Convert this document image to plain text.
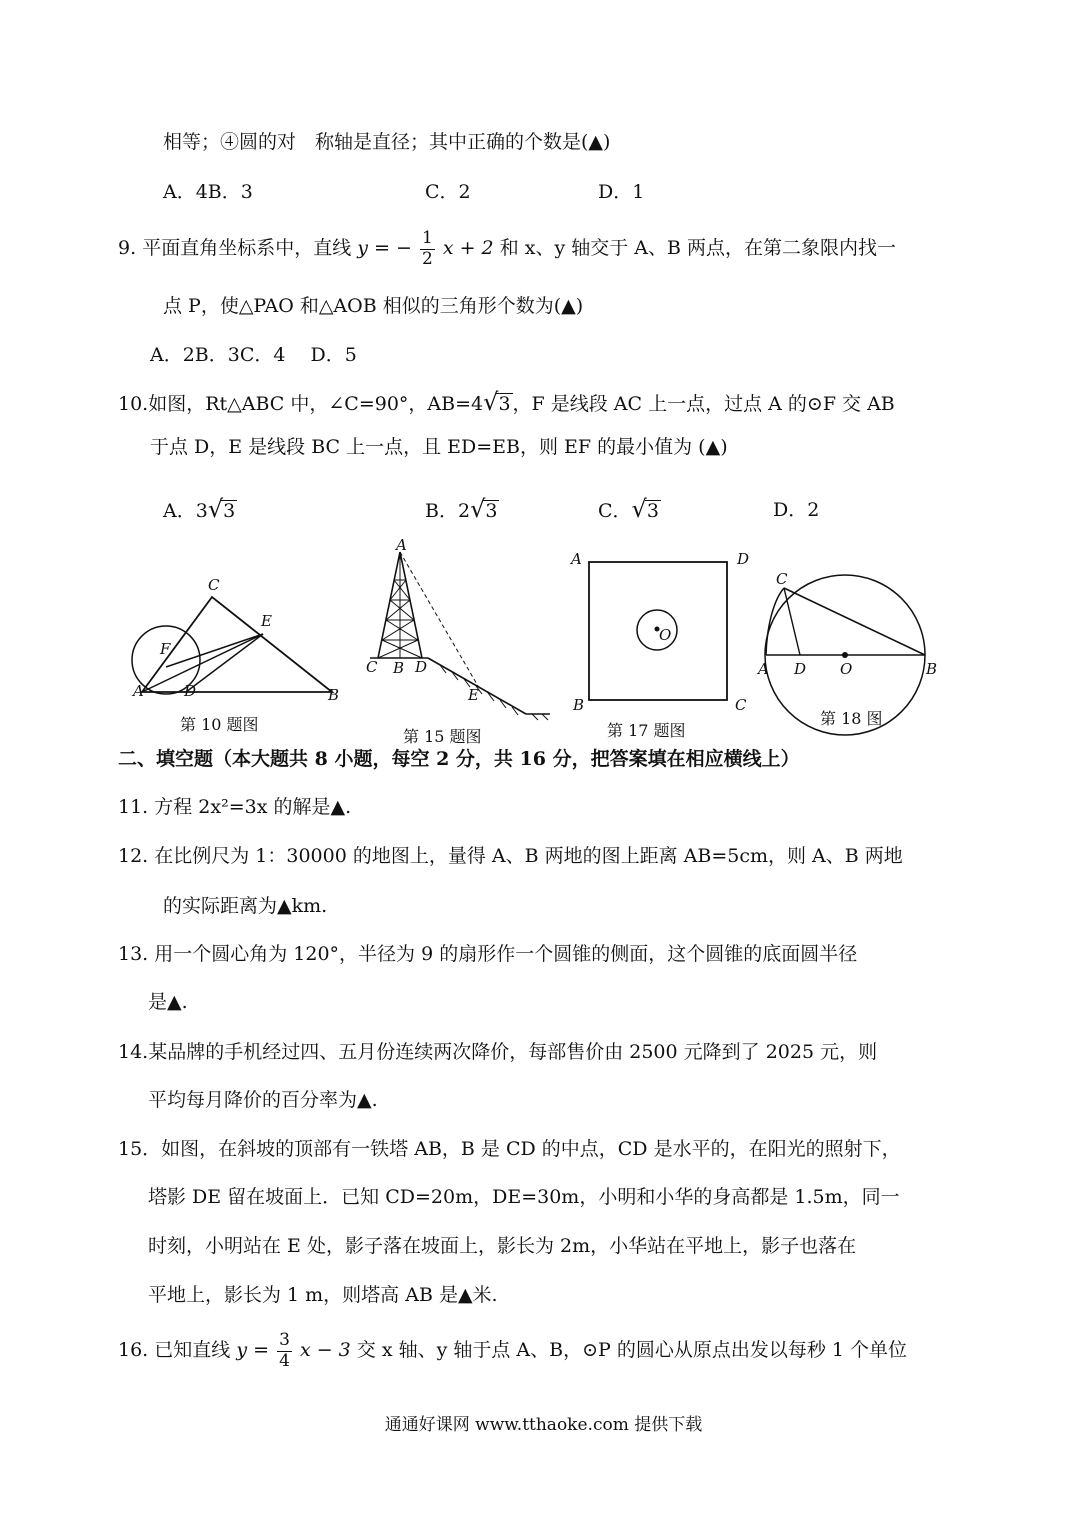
相等；④圆的对　称轴是直径；其中正确的个数是(▲)
A．4B．3	C．2	D．1
9. 平面直角坐标系中，直线 y = − $\frac{1}{2}$ x + 2 和 x、y 轴交于 A、B 两点，在第二象限内找一
点 P，使△PAO 和△AOB 相似的三角形个数为(▲)
A．2B．3C．4　 D．5
10.如图，Rt△ABC 中，∠C=90°，AB=4√3 ，F 是线段 AC 上一点，过点 A 的⊙F 交 AB
于点 D，E 是线段 BC 上一点，且 ED=EB，则 EF 的最小值为 (▲)
A．3√3	B．2√3	C．√3	D．2
C
E
F
A	D	B
第 10 题图
A
C B D
E
第 15 题图
A	D
O
B	C
第 17 题图
C
A D O	B
第 18 图
二、填空题（本大题共 8 小题，每空 2 分，共 16 分，把答案填在相应横线上）
11. 方程 2x²=3x 的解是▲.
12. 在比例尺为 1：30000 的地图上，量得 A、B 两地的图上距离 AB=5cm，则 A、B 两地
的实际距离为▲km.
13. 用一个圆心角为 120°，半径为 9 的扇形作一个圆锥的侧面，这个圆锥的底面圆半径
是▲.
14.某品牌的手机经过四、五月份连续两次降价，每部售价由 2500 元降到了 2025 元，则
平均每月降价的百分率为▲.
15．如图，在斜坡的顶部有一铁塔 AB，B 是 CD 的中点，CD 是水平的，在阳光的照射下，
塔影 DE 留在坡面上．已知 CD=20m，DE=30m，小明和小华的身高都是 1.5m，同一
时刻，小明站在 E 处，影子落在坡面上，影长为 2m，小华站在平地上，影子也落在
平地上，影长为 1 m，则塔高 AB 是▲米.
16. 已知直线 $y = \frac{3}{4}$ x − 3 交 x 轴、y 轴于点 A、B，⊙P 的圆心从原点出发以每秒 1 个单位
通通好课网 www.tthaoke.com 提供下载
